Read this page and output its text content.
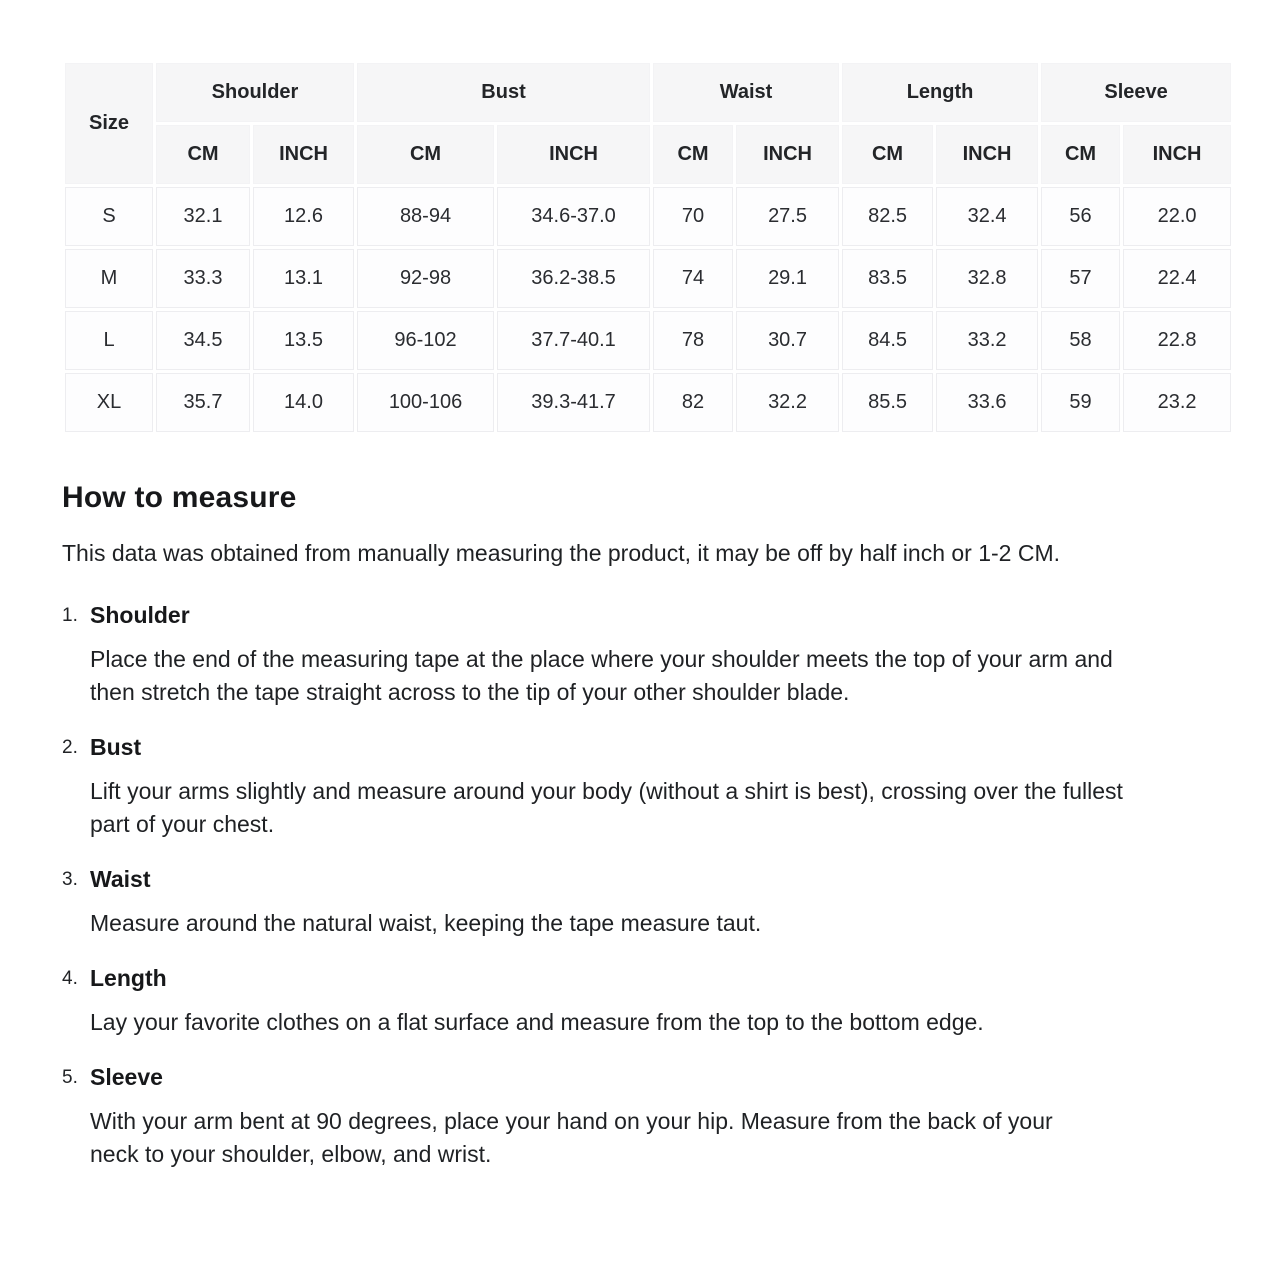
Size	Shoulder		Bust		Waist		Length		Sleeve	
	CM	INCH	CM	INCH	CM	INCH	CM	INCH	CM	INCH
S	32.1	12.6	88-94	34.6-37.0	70	27.5	82.5	32.4	56	22.0
M	33.3	13.1	92-98	36.2-38.5	74	29.1	83.5	32.8	57	22.4
L	34.5	13.5	96-102	37.7-40.1	78	30.7	84.5	33.2	58	22.8
XL	35.7	14.0	100-106	39.3-41.7	82	32.2	85.5	33.6	59	23.2
How to measure

This data was obtained from manually measuring the product, it may be off by half inch or 1-2 CM.

1. Shoulder

Place the end of the measuring tape at the place where your shoulder meets the top of your arm and then stretch the tape straight across to the tip of your other shoulder blade.

2. Bust

Lift your arms slightly and measure around your body (without a shirt is best), crossing over the fullest part of your chest.

3. Waist

Measure around the natural waist, keeping the tape measure taut.

4. Length

Lay your favorite clothes on a flat surface and measure from the top to the bottom edge.

5. Sleeve

With your arm bent at 90 degrees, place your hand on your hip. Measure from the back of your neck to your shoulder, elbow, and wrist.
